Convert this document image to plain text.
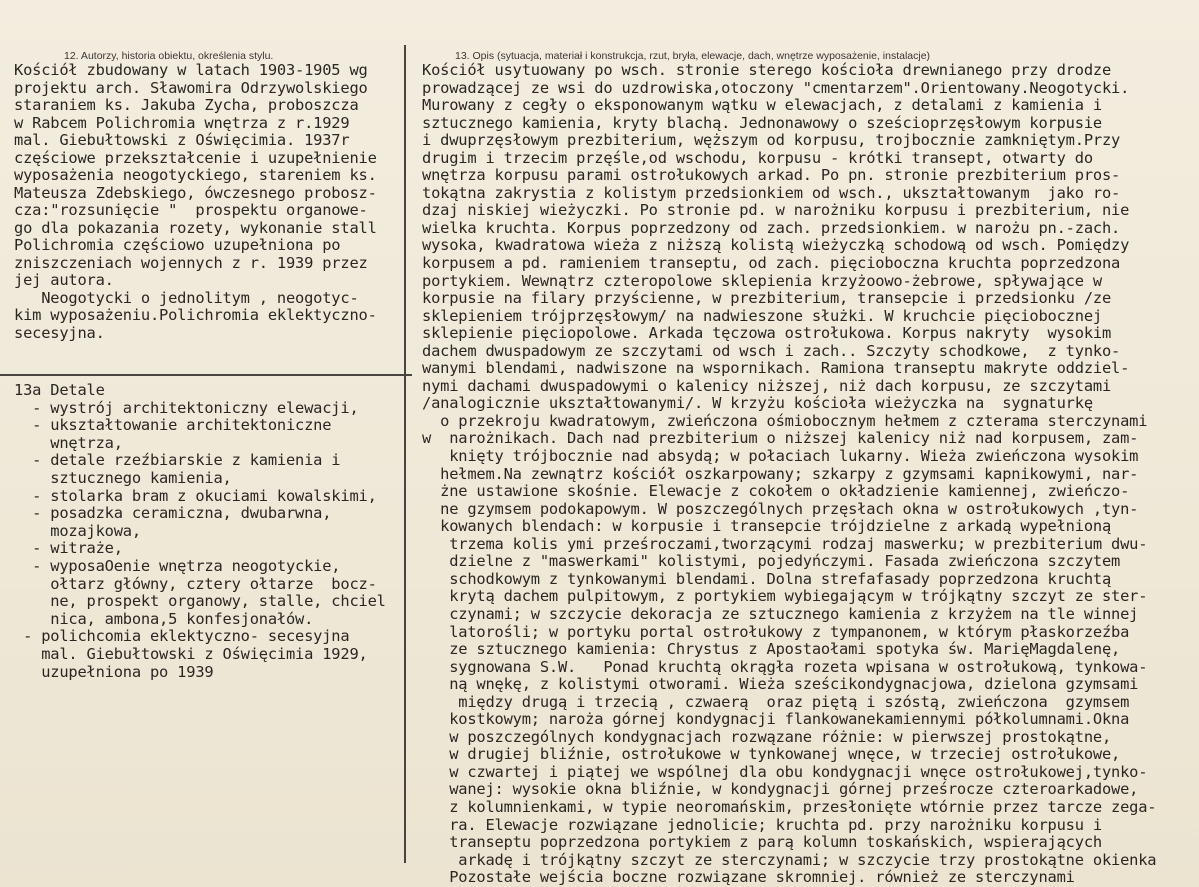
12. Autorzy, historia obiektu, określenia stylu.	13. Opis (sytuacja, materiał i konstrukcja, rzut, bryła, elewacje, dach, wnętrze wyposażenie, instalacje)
Kościół zbudowany w latach 1903-1905 wg
projektu arch. Sławomira Odrzywolskiego
staraniem ks. Jakuba Zycha, proboszcza
w Rabcem Polichromia wnętrza z r.1929
mal. Giebułtowski z Oświęcimia. 1937r
częściowe przekształcenie i uzupełnienie
wyposażenia neogotyckiego, stareniem ks.
Mateusza Zdebskiego, ówczesnego probosz-
cza:"rozsunięcie "  prospektu organowe-
go dla pokazania rozety, wykonanie stall
Polichromia częściowo uzupełniona po
zniszczeniach wojennych z r. 1939 przez
jej autora.
Neogotycki o jednolitym , neogotyc-
kim wyposażeniu.Polichromia eklektyczno-
secesyjna.
Kościół usytuowany po wsch. stronie sterego kościoła drewnianego przy drodze
prowadzącej ze wsi do uzdrowiska,otoczony "cmentarzem".Orientowany.Neogotycki.
Murowany z cegły o eksponowanym wątku w elewacjach, z detalami z kamienia i
sztucznego kamienia, kryty blachą. Jednonawowy o sześcioprzęsłowym korpusie
i dwuprzęsłowym prezbiterium, węższym od korpusu, trojbocznie zamkniętym.Przy
drugim i trzecim przęśle,od wschodu, korpusu - krótki transept, otwarty do
wnętrza korpusu parami ostrołukowych arkad. Po pn. stronie prezbiterium pros-
tokątna zakrystia z kolistym przedsionkiem od wsch., ukształtowanym  jako ro-
dzaj niskiej wieżyczki. Po stronie pd. w narożniku korpusu i prezbiterium, nie
wielka kruchta. Korpus poprzedzony od zach. przedsionkiem. w narożu pn.-zach.
wysoka, kwadratowa wieża z niższą kolistą wieżyczką schodową od wsch. Pomiędzy
korpusem a pd. ramieniem transeptu, od zach. pięciobocznа kruchta poprzedzona
portykiem. Wewnątrz czteropolowe sklepienia krzyżoowo-żebrowe, spływające w
korpusie na filary przyścienne, w prezbiterium, transepcie i przedsionku /ze
sklepieniem trójprzęsłowym/ na nadwieszone służki. W kruchcie pięciobocznej
sklepienie pięciopolowe. Arkada tęczowa ostrołukowa. Korpus nakryty  wysokim
dachem dwuspadowym ze szczytami od wsch i zach.. Szczyty schodkowe,  z tynko-
wanymi blendami, nadwiszone na wspornikach. Ramiona transeptu makryte oddziel-
nymi dachami dwuspadowymi o kalenicy niższej, niż dach korpusu, ze szczytami
/analogicznie ukształtowanymi/. W krzyżu kościoła wieżyczka na  sygnaturkę
o przekroju kwadratowym, zwieńczona ośmiobocznym hełmem z czterama sterczynami
w  narożnikach. Dach nad prezbiterium o niższej kalenicy niż nad korpusem, zam-
knięty trójbocznie nad absydą; w połaciach lukarny. Wieża zwieńczona wysokim
hełmem.Na zewnątrz kościół oszkarpowany; szkarpy z gzymsami kapnikowymi, nar-
żne ustawione skośnie. Elewacje z cokołem o okładzienie kamiennej, zwieńczo-
ne gzymsem podokapowym. W poszczególnych przęsłach okna w ostrołukowych ,tyn-
kowanych blendach: w korpusie i transepcie trójdzielne z arkadą wypełnioną
trzema kolis ymi prześroczami,tworzącymi rodzaj maswerku; w prezbiterium dwu-
dzielne z "maswerkami" kolistymi, pojedyńczymi. Fasada zwieńczona szczytem
schodkowym z tynkowanymi blendami. Dolna strefafasady poprzedzona kruchtą
krytą dachem pulpitowym, z portykiem wybiegającym w trójkątny szczyt ze ster-
czynami; w szczycie dekoracja ze sztucznego kamienia z krzyżem na tle winnej
latorośli; w portyku portal ostrołukowy z tympanonem, w którym płaskorzeźba
ze sztucznego kamienia: Chrystus z Apostaołami spotyka św. MarięMagdalenę,
sygnowana S.W.   Ponad kruchtą okrągła rozeta wpisana w ostrołukową, tynkowa-
ną wnękę, z kolistymi otworami. Wieża sześcikondygnacjowa, dzielona gzymsami
między drugą i trzecią , czwaerą  oraz piętą i szóstą, zwieńczona  gzymsem
kostkowym; naroża górnej kondygnacji flankowanekamiennymi półkolumnami.Okna
w poszczególnych kondygnacjach rozwązane różnie: w pierwszej prostokątne,
w drugiej bliźnie, ostrołukowe w tynkowanej wnęce, w trzeciej ostrołukowe,
w czwartej i piątej we wspólnej dla obu kondygnacji wnęce ostrołukowej,tynko-
wanej: wysokie okna bliźnie, w kondygnacji górnej prześrocze czteroarkadowe,
z kolumnienkami, w typie neoromańskim, przesłonięte wtórnie przez tarcze zega-
ra. Elewacje rozwiązane jednolicie; kruchta pd. przy narożniku korpusu i
transeptu poprzedzona portykiem z parą kolumn toskańskich, wspierających
arkadę i trójkątny szczyt ze sterczynami; w szczycie trzy prostokątne okienka
Pozostałe wejścia boczne rozwiązane skromniej. również ze sterczynami
13a Detale
- wystrój architektoniczny elewacji,
- ukształtowanie architektoniczne
wnętrza,
- detale rzeźbiarskie z kamienia i
sztucznego kamienia,
- stolarka bram z okuciami kowalskimi,
- posadzka ceramiczna, dwubarwna,
mozajkowa,
- witraże,
- wyposaOenie wnętrza neogotyckie,
ołtarz główny, cztery ołtarze  bocz-
ne, prospekt organowy, stalle, chciel
nica, ambona,5 konfesjonałów.
- polichcomia eklektyczno- secesyjna
mal. Giebułtowski z Oświęcimia 1929,
uzupełniona po 1939
